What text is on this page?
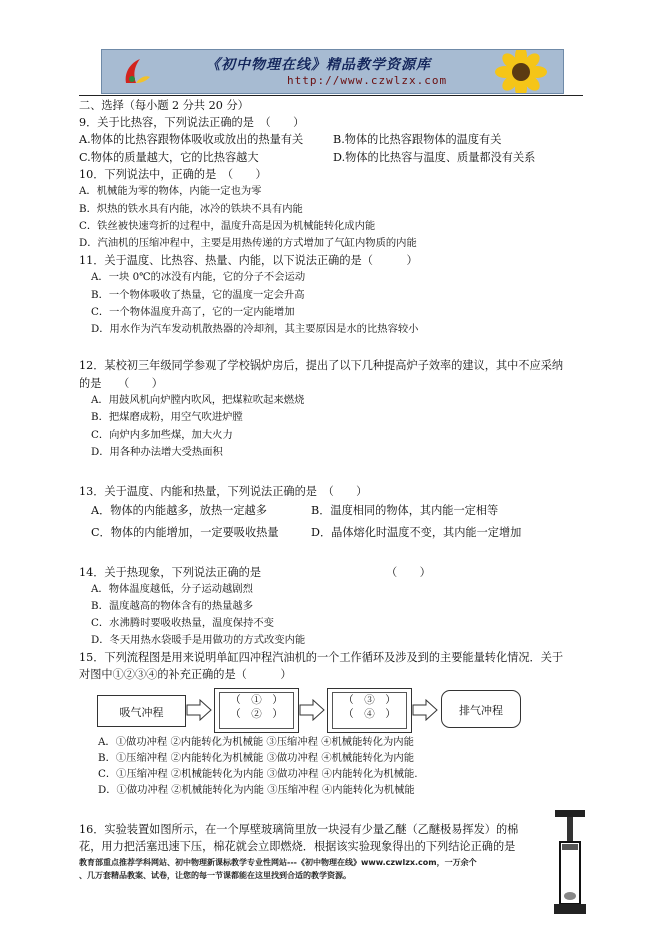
《初中物理在线》精品教学资源库
http://www.czwlzx.com
二、选择（每小题 2 分共 20 分）
9．关于比热容，下列说法正确的是　（　　）
A.物体的比热容跟物体吸收或放出的热量有关	B.物体的比热容跟物体的温度有关
C.物体的质量越大，它的比热容越大	D.物体的比热容与温度、质量都没有关系
10．下列说法中，正确的是　（　　）
A．机械能为零的物体，内能一定也为零
B．炽热的铁水具有内能，冰冷的铁块不具有内能
C．铁丝被快速弯折的过程中，温度升高是因为机械能转化成内能
D．汽油机的压缩冲程中，主要是用热传递的方式增加了气缸内物质的内能
11．关于温度、比热容、热量、内能，以下说法正确的是（　　　）
A．一块 0℃的冰没有内能，它的分子不会运动
B．一个物体吸收了热量，它的温度一定会升高
C．一个物体温度升高了，它的一定内能增加
D．用水作为汽车发动机散热器的冷却剂，其主要原因是水的比热容较小
12．某校初三年级同学参观了学校锅炉房后，提出了以下几种提高炉子效率的建议，其中不应采纳
的是　　（　　）
A．用鼓风机向炉膛内吹风，把煤粒吹起来燃烧
B．把煤磨成粉，用空气吹进炉膛
C．向炉内多加些煤，加大火力
D．用各种办法增大受热面积
13．关于温度、内能和热量，下列说法正确的是　（　　）
A．物体的内能越多，放热一定越多	B．温度相同的物体，其内能一定相等
C．物体的内能增加，一定要吸收热量	D．晶体熔化时温度不变，其内能一定增加
14．关于热现象，下列说法正确的是	（　　）
A．物体温度越低，分子运动越剧烈
B．温度越高的物体含有的热量越多
C．水沸腾时要吸收热量，温度保持不变
D．冬天用热水袋暖手是用做功的方式改变内能
15．下列流程图是用来说明单缸四冲程汽油机的一个工作循环及涉及到的主要能量转化情况．关于
对图中①②③④的补充正确的是（　　　）
吸气冲程
（　①　）
（　②　）
（　③　）
（　④　）	排气冲程
A．①做功冲程 ②内能转化为机械能 ③压缩冲程 ④机械能转化为内能
B．①压缩冲程 ②内能转化为机械能 ③做功冲程 ④机械能转化为内能
C．①压缩冲程 ②机械能转化为内能 ③做功冲程 ④内能转化为机械能.
D．①做功冲程 ②机械能转化为内能 ③压缩冲程 ④内能转化为机械能
16．实验装置如图所示，在一个厚壁玻璃筒里放一块浸有少量乙醚（乙醚极易挥发）的棉
花，用力把活塞迅速下压，棉花就会立即燃烧．根据该实验现象得出的下列结论正确的是
教育部重点推荐学科网站、初中物理新课标教学专业性网站---《初中物理在线》www.czwlzx.com，一万余个
、几万套精品教案、试卷，让您的每一节课都能在这里找到合适的教学资源。
